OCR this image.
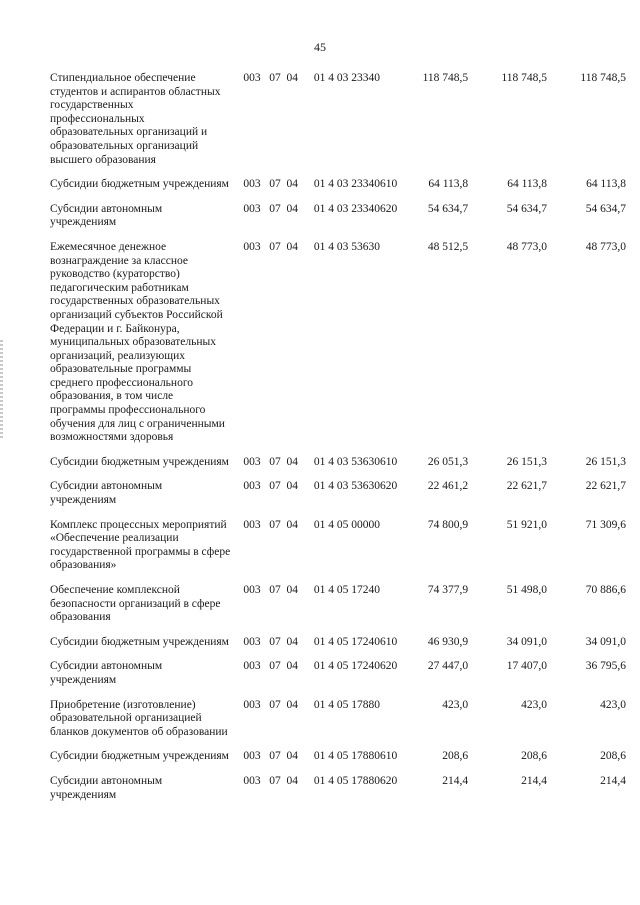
45
Стипендиальное обеспечение студентов и аспирантов областных государственных профессиональных образовательных организаций и образовательных организаций высшего образования	003 07 04	01 4 03 23340		118 748,5	118 748,5	118 748,5
Субсидии бюджетным учреждениям	003 07 04	01 4 03 23340	610	64 113,8	64 113,8	64 113,8
Субсидии автономным учреждениям	003 07 04	01 4 03 23340	620	54 634,7	54 634,7	54 634,7
Ежемесячное денежное вознаграждение за классное руководство (кураторство) педагогическим работникам государственных образовательных организаций субъектов Российской Федерации и г. Байконура, муниципальных образовательных организаций, реализующих образовательные программы среднего профессионального образования, в том числе программы профессионального обучения для лиц с ограниченными возможностями здоровья	003 07 04	01 4 03 53630		48 512,5	48 773,0	48 773,0
Субсидии бюджетным учреждениям	003 07 04	01 4 03 53630	610	26 051,3	26 151,3	26 151,3
Субсидии автономным учреждениям	003 07 04	01 4 03 53630	620	22 461,2	22 621,7	22 621,7
Комплекс процессных мероприятий «Обеспечение реализации государственной программы в сфере образования»	003 07 04	01 4 05 00000		74 800,9	51 921,0	71 309,6
Обеспечение комплексной безопасности организаций в сфере образования	003 07 04	01 4 05 17240		74 377,9	51 498,0	70 886,6
Субсидии бюджетным учреждениям	003 07 04	01 4 05 17240	610	46 930,9	34 091,0	34 091,0
Субсидии автономным учреждениям	003 07 04	01 4 05 17240	620	27 447,0	17 407,0	36 795,6
Приобретение (изготовление) образовательной организацией бланков документов об образовании	003 07 04	01 4 05 17880		423,0	423,0	423,0
Субсидии бюджетным учреждениям	003 07 04	01 4 05 17880	610	208,6	208,6	208,6
Субсидии автономным учреждениям	003 07 04	01 4 05 17880	620	214,4	214,4	214,4
